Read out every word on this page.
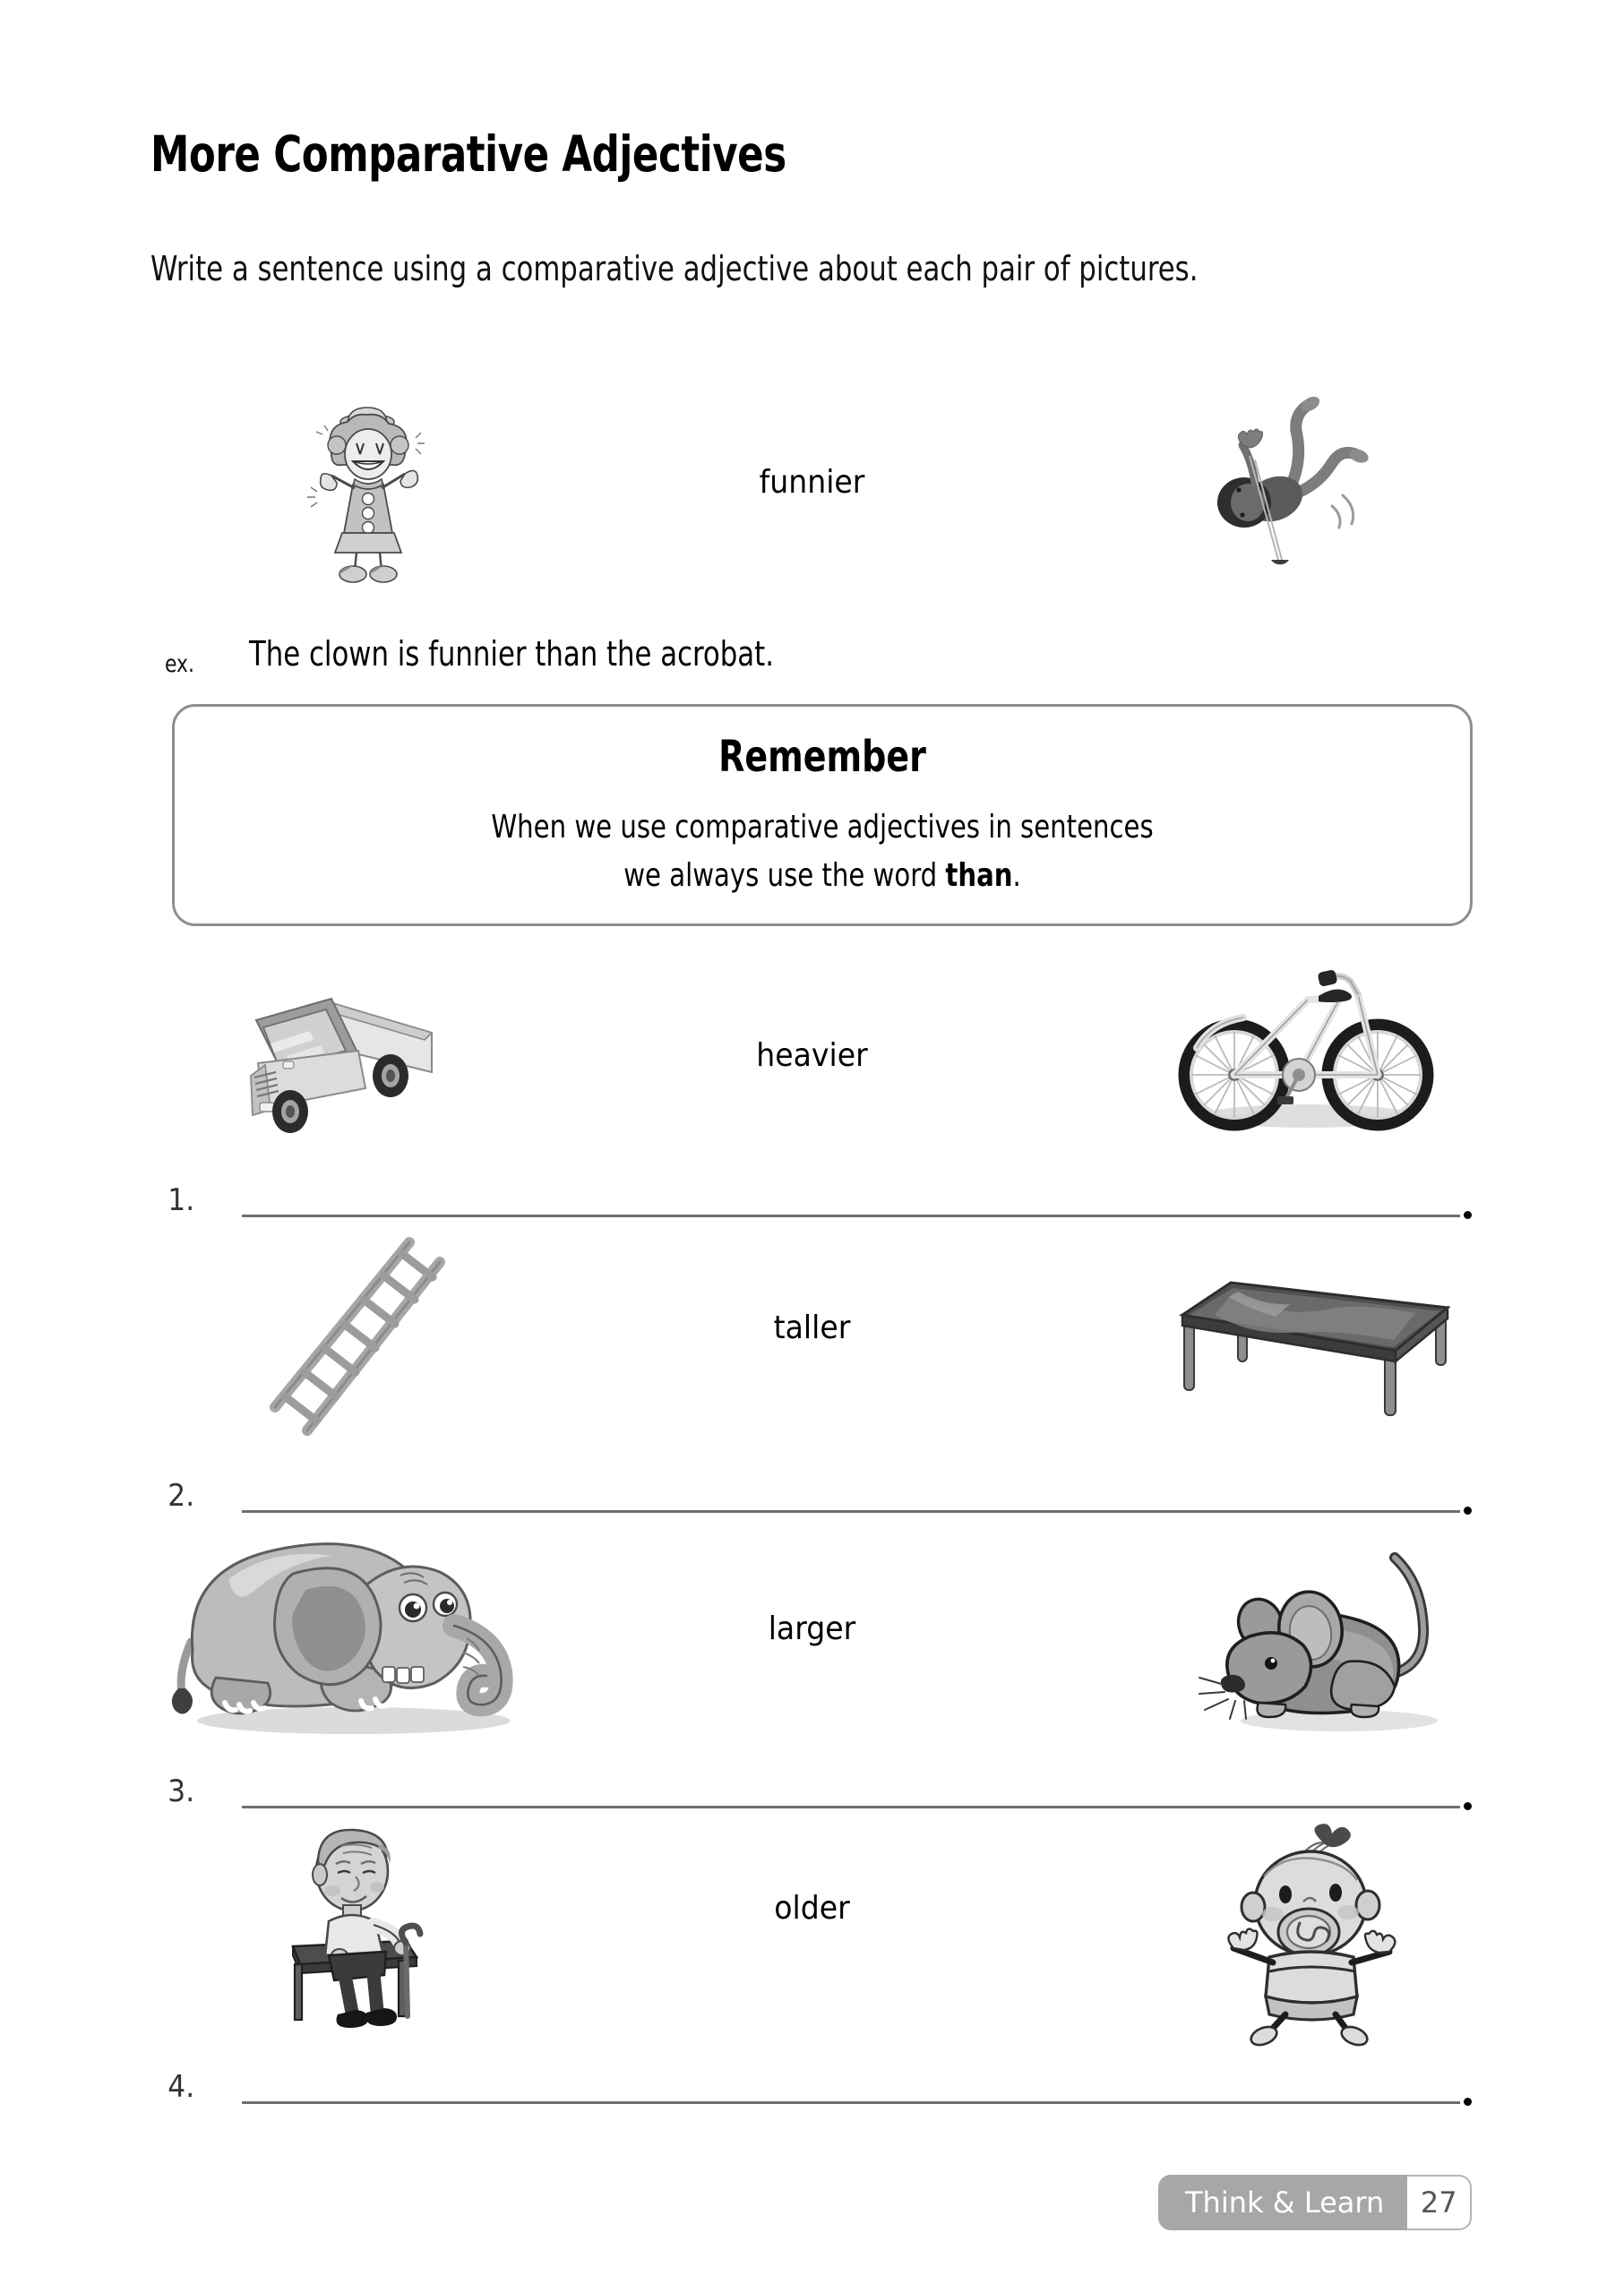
More Comparative Adjectives
Write a sentence using a comparative adjective about each pair of pictures.
funnier
ex. The clown is funnier than the acrobat.
Remember
When we use comparative adjectives in sentences
we always use the word than.
heavier
1.
taller
2.
larger
3.
older
4.
Think & Learn	27
